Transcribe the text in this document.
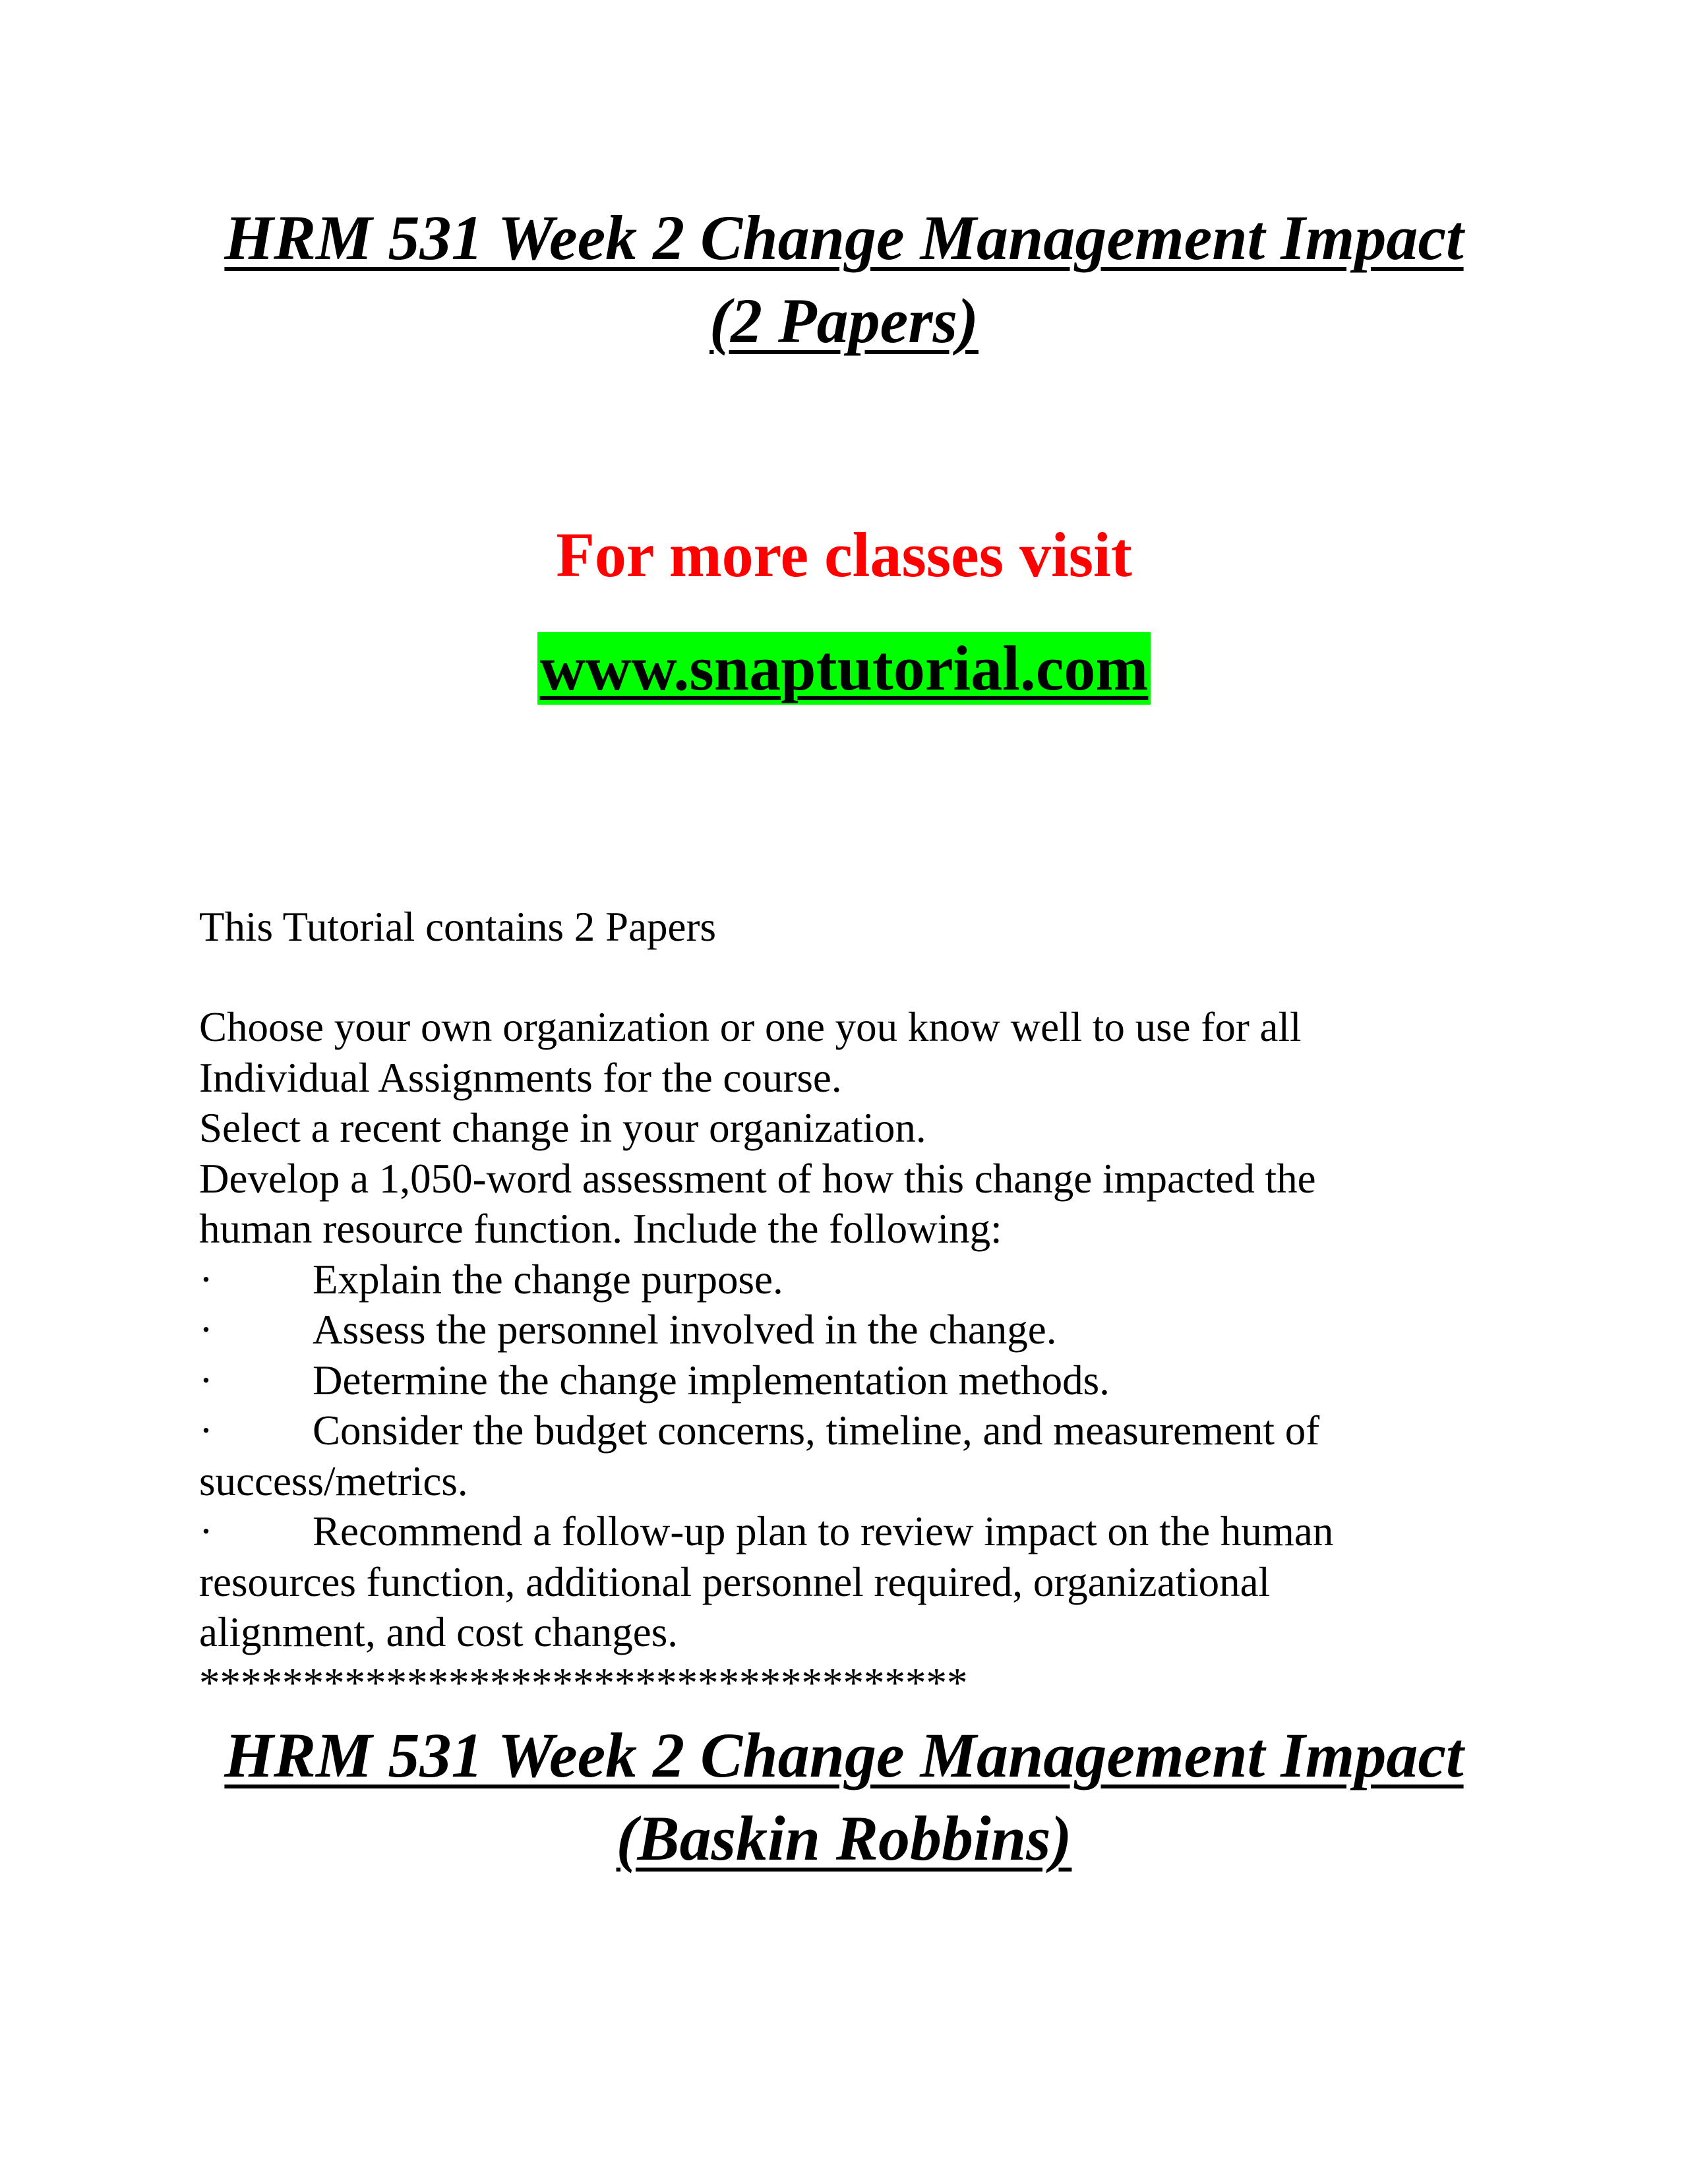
HRM 531 Week 2 Change Management Impact
(2 Papers)

For more classes visit

www.snaptutorial.com

This Tutorial contains 2 Papers

Choose your own organization or one you know well to use for all
Individual Assignments for the course.
Select a recent change in your organization.
Develop a 1,050-word assessment of how this change impacted the
human resource function. Include the following:
· Explain the change purpose.
· Assess the personnel involved in the change.
· Determine the change implementation methods.
· Consider the budget concerns, timeline, and measurement of
success/metrics.
· Recommend a follow-up plan to review impact on the human
resources function, additional personnel required, organizational
alignment, and cost changes.
*************************************
HRM 531 Week 2 Change Management Impact
(Baskin Robbins)
